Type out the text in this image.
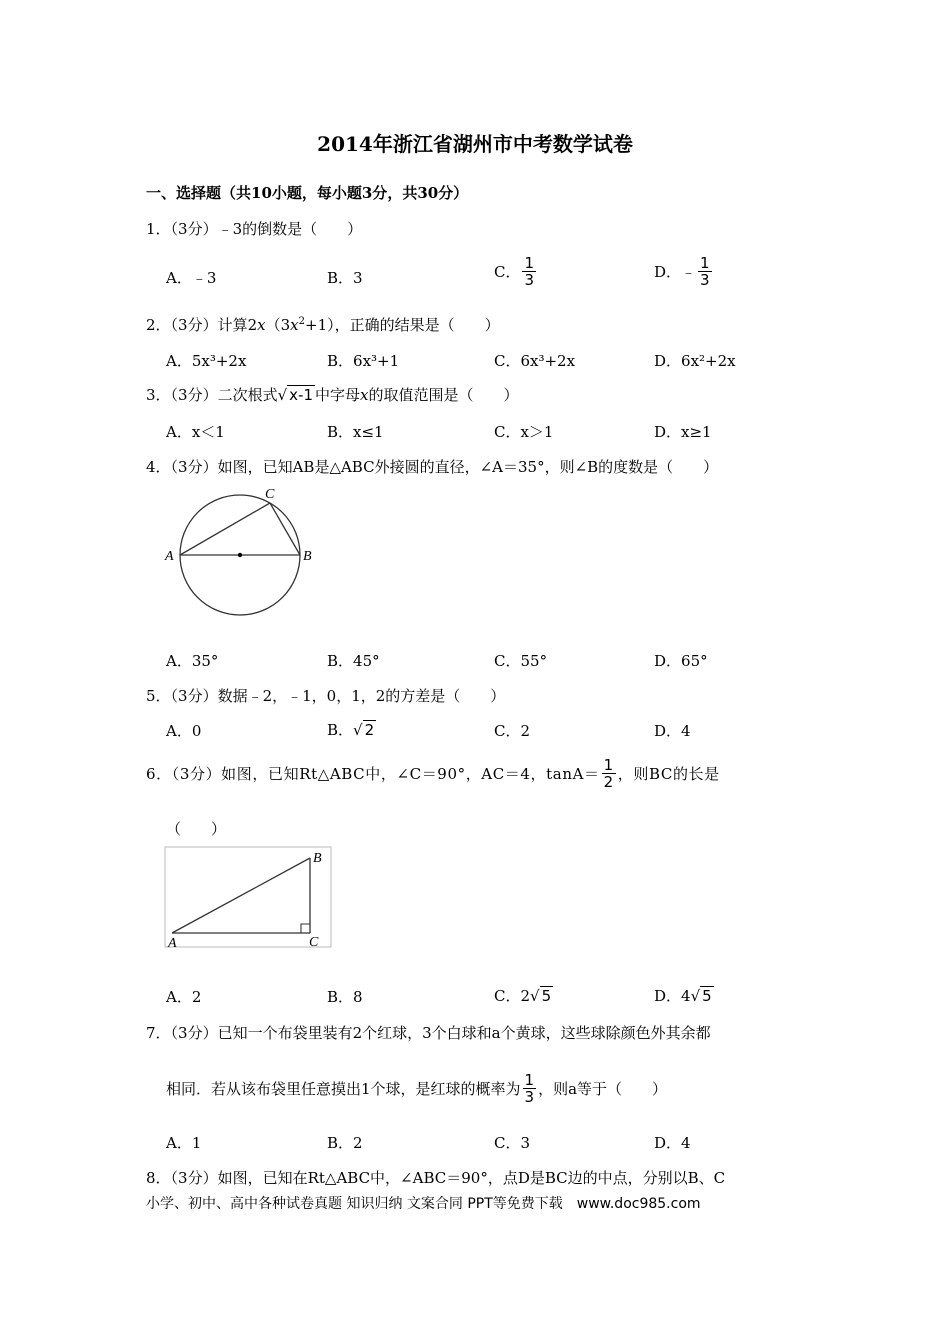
2014年浙江省湖州市中考数学试卷
一、选择题（共10小题，每小题3分，共30分）
1．（3分）﹣3的倒数是（　　）
A．﹣3	B．3	C． $\frac{1}{3}$	D．﹣ $\frac{1}{3}$
2．（3分）计算$2x(3x^2+1)$，正确的结果是（　　）
A．5x³+2x	B．6x³+1	C．6x³+2x	D．6x²+2x
3．（3分）二次根式√ x-1 中字母x的取值范围是（　　）
A．x＜1	B．x≤1	C．x＞1	D．x≥1
4．（3分）如图，已知AB是△ABC外接圆的直径，∠A＝35°，则∠B的度数是（　　）
A	B
C
A．35°	B．45°	C．55°	D．65°
5．（3分）数据﹣2，﹣1，0，1，2的方差是（　　）
A．0	B．√ 2	C．2	D．4
6．（3分）如图，已知Rt△ABC中，∠C＝90°，AC＝4，$\tan A= \frac{1}{2}$ ，则BC的长是
（　　）
A
B
C
A．2	B．8	C．2√ 5	D．4√ 5
7．（3分）已知一个布袋里装有2个红球，3个白球和a个黄球，这些球除颜色外其余都
相同．若从该布袋里任意摸出1个球，是红球的概率为 $\frac{1}{3}$ ，则a等于（　　）
A．1	B．2	C．3	D．4
8．（3分）如图，已知在Rt△ABC中，∠ABC＝90°，点D是BC边的中点，分别以B、C
小学、初中、高中各种试卷真题 知识归纳 文案合同 PPT等免费下载　www.doc985.com
